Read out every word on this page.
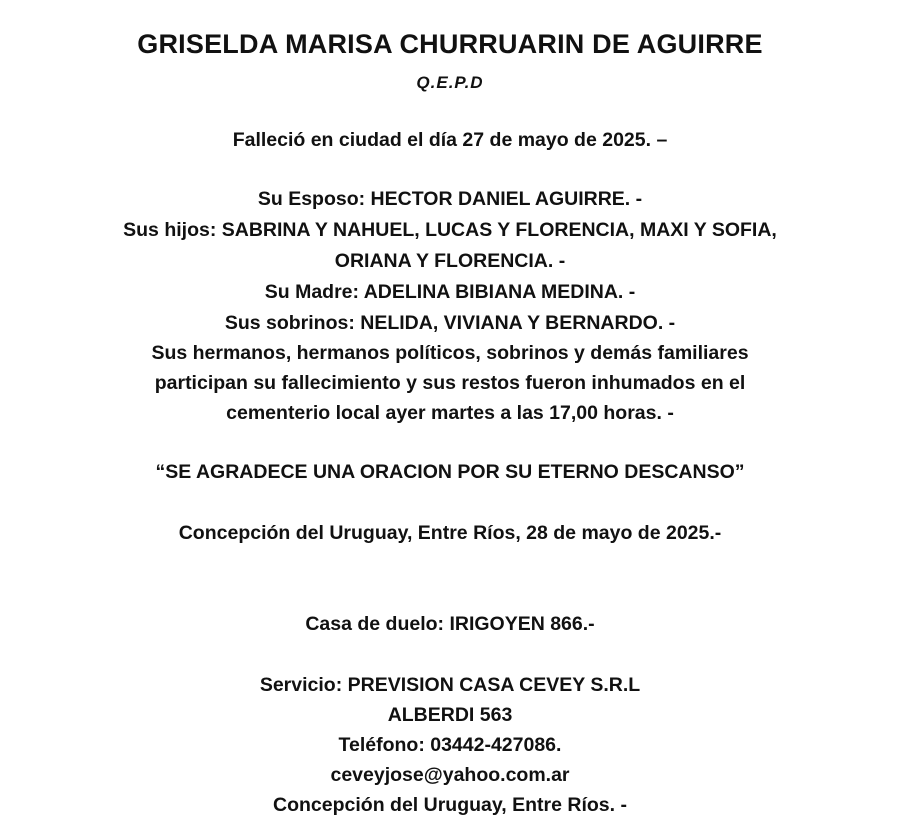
GRISELDA MARISA CHURRUARIN DE AGUIRRE
Q.E.P.D
Falleció en ciudad el día 27 de mayo de 2025. –
Su Esposo: HECTOR DANIEL AGUIRRE. -
Sus hijos: SABRINA Y NAHUEL, LUCAS Y FLORENCIA, MAXI Y SOFIA,
ORIANA Y FLORENCIA. -
Su Madre: ADELINA BIBIANA MEDINA. -
Sus sobrinos: NELIDA, VIVIANA Y BERNARDO. -
Sus hermanos, hermanos políticos, sobrinos y demás familiares
participan su fallecimiento y sus restos fueron inhumados en el
cementerio local ayer martes a las 17,00 horas. -
“SE AGRADECE UNA ORACION POR SU ETERNO DESCANSO”
Concepción del Uruguay, Entre Ríos, 28 de mayo de 2025.-
Casa de duelo: IRIGOYEN 866.-
Servicio: PREVISION CASA CEVEY S.R.L
ALBERDI 563
Teléfono: 03442-427086.
ceveyjose@yahoo.com.ar
Concepción del Uruguay, Entre Ríos. -
